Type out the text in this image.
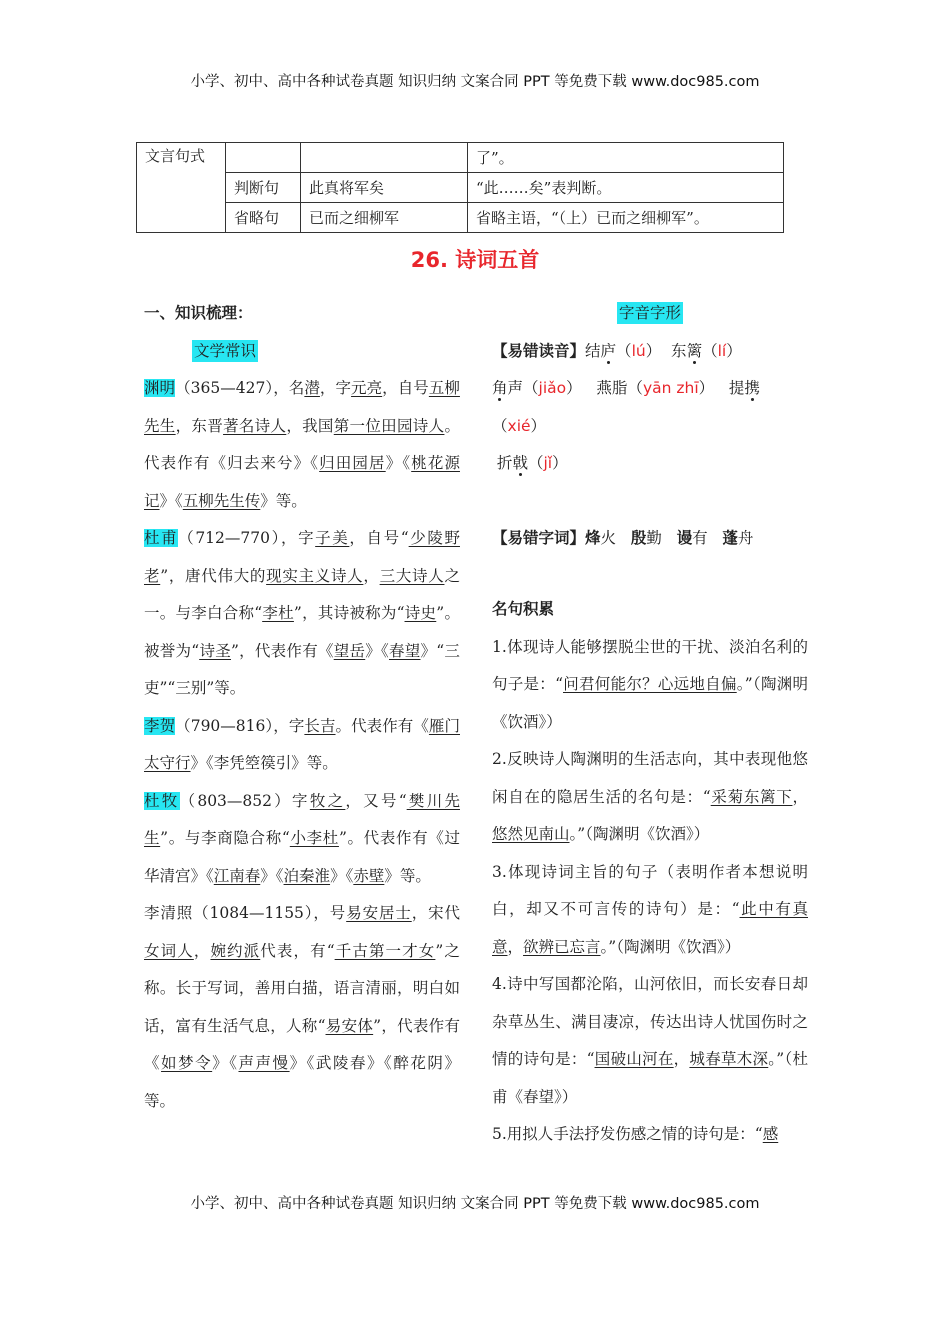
小学、初中、高中各种试卷真题 知识归纳 文案合同 PPT 等免费下载 www.doc985.com
文言句式			了”。
	判断句	此真将军矣	“此……矣”表判断。
	省略句	已而之细柳军	省略主语，“（上）已而之细柳军”。
26. 诗词五首

一、知识梳理：

文学常识

渊明（365—427），名潜，字元亮，自号五柳先生，东晋著名诗人，我国第一位田园诗人。代表作有《归去来兮》《归田园居》《桃花源记》《五柳先生传》等。

杜甫（712—770），字子美，自号“少陵野老”，唐代伟大的现实主义诗人，三大诗人之一。与李白合称“李杜”，其诗被称为“诗史”。被誉为“诗圣”，代表作有《望岳》《春望》“三吏”“三别”等。

李贺（790—816），字长吉。代表作有《雁门太守行》《李凭箜篌引》等。

杜牧（803—852）字牧之，又号“樊川先生”。与李商隐合称“小李杜”。代表作有《过华清宫》《江南春》《泊秦淮》《赤壁》等。

李清照（1084—1155），号易安居士，宋代女词人，婉约派代表，有“千古第一才女”之称。长于写词，善用白描，语言清丽，明白如话，富有生活气息，人称“易安体”，代表作有《如梦令》《声声慢》《武陵春》《醉花阴》等。

字音字形

【易错读音】结庐（lú）  东篱（lí）
角声（jiǎo）   燕脂（yān zhī）   提携
（xié）
折戟（jǐ）

【易错字词】烽火   殷勤   谩有   蓬舟

名句积累

1.体现诗人能够摆脱尘世的干扰、淡泊名利的句子是：“问君何能尔？心远地自偏。”（陶渊明《饮酒》）

2.反映诗人陶渊明的生活志向，其中表现他悠闲自在的隐居生活的名句是：“采菊东篱下，悠然见南山。”（陶渊明《饮酒》）

3.体现诗词主旨的句子（表明作者本想说明白，却又不可言传的诗句）是：“此中有真意，欲辨已忘言。”（陶渊明《饮酒》）

4.诗中写国都沦陷，山河依旧，而长安春日却杂草丛生、满目凄凉，传达出诗人忧国伤时之情的诗句是：“国破山河在，城春草木深。”（杜甫《春望》）

5.用拟人手法抒发伤感之情的诗句是：“感

小学、初中、高中各种试卷真题 知识归纳 文案合同 PPT 等免费下载 www.doc985.com
